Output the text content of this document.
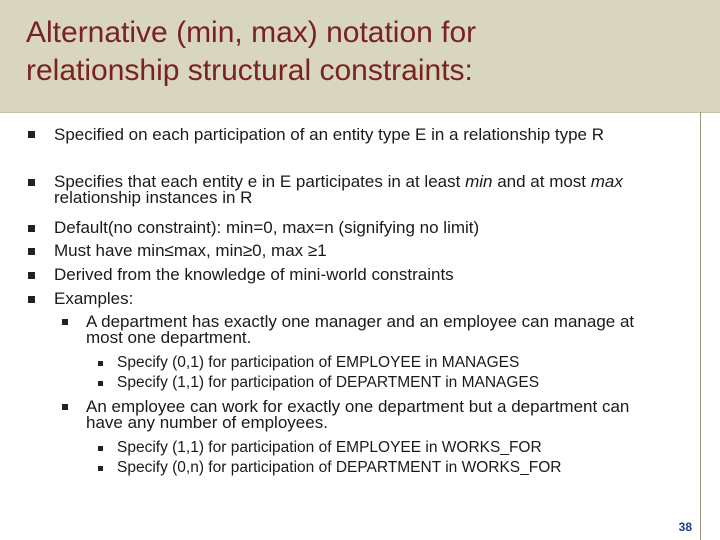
Alternative (min, max) notation for
relationship structural constraints:
Specified on each participation of an entity type E in a relationship type R
Specifies that each entity e in E participates in at least min and at most max relationship instances in R
Default(no constraint): min=0, max=n (signifying no limit)
Must have min≤max, min≥0, max ≥1
Derived from the knowledge of mini-world constraints
Examples:
A department has exactly one manager and an employee can manage at most one department.
Specify (0,1) for participation of EMPLOYEE in MANAGES
Specify (1,1) for participation of DEPARTMENT in MANAGES
An employee can work for exactly one department but a department can have any number of employees.
Specify (1,1) for participation of EMPLOYEE in WORKS_FOR
Specify (0,n) for participation of DEPARTMENT in WORKS_FOR
38
